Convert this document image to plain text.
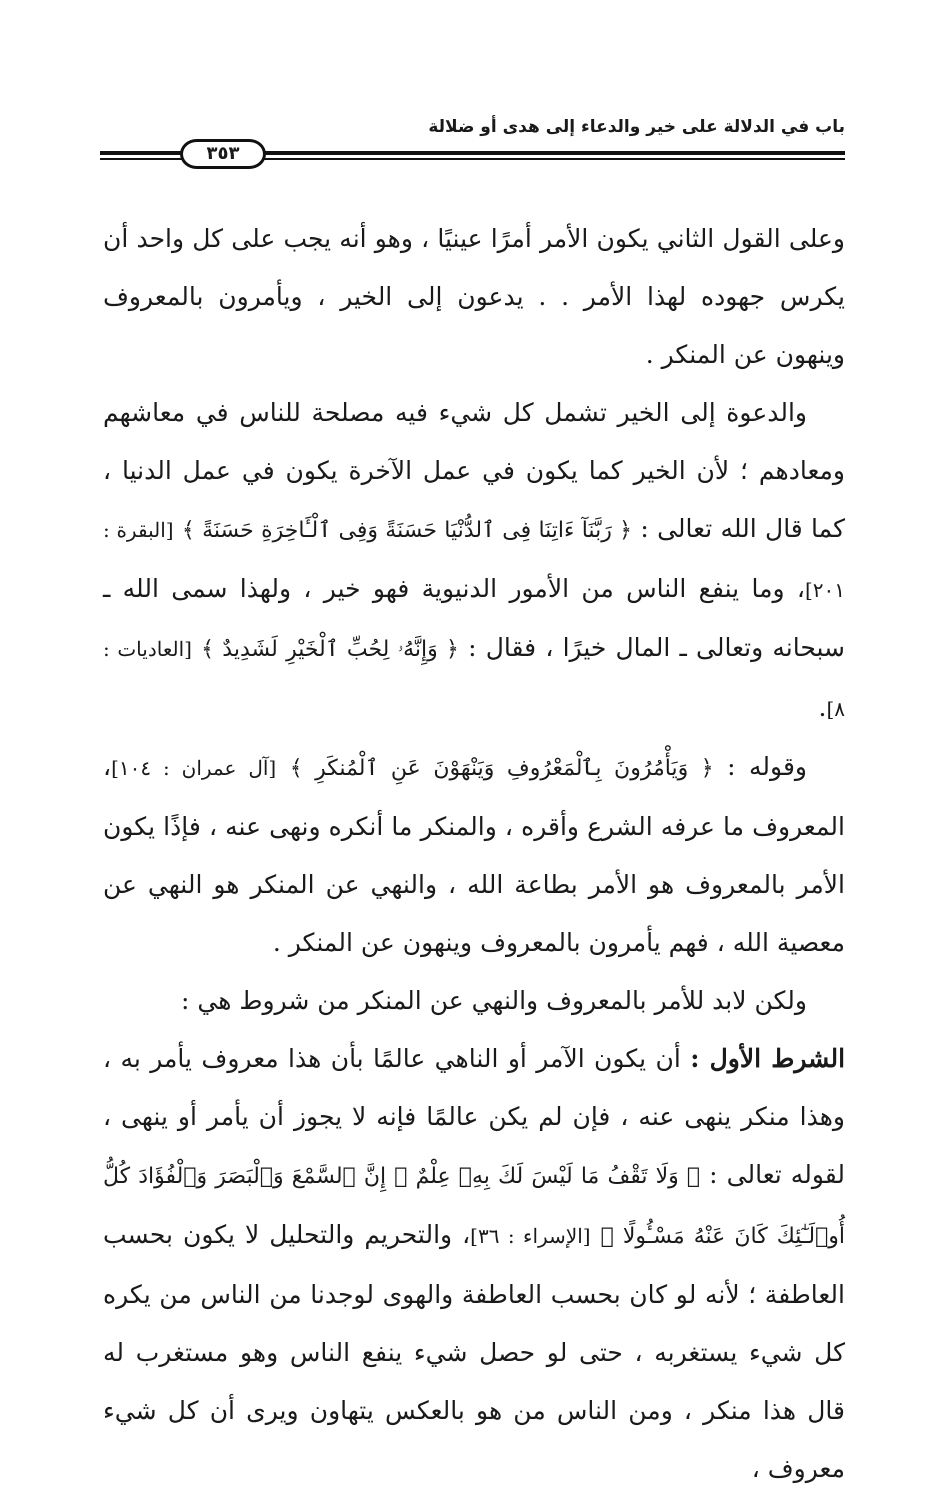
باب في الدلالة على خير والدعاء إلى هدى أو ضلالة
٣٥٣

وعلى القول الثاني يكون الأمر أمرًا عينيًا ، وهو أنه يجب على كل واحد أن يكرس جهوده لهذا الأمر . . يدعون إلى الخير ، ويأمرون بالمعروف وينهون عن المنكر .

والدعوة إلى الخير تشمل كل شيء فيه مصلحة للناس في معاشهم ومعادهم ؛ لأن الخير كما يكون في عمل الآخرة يكون في عمل الدنيا ، كما قال الله تعالى : ﴿ رَبَّنَآ ءَاتِنَا فِى ٱلدُّنْيَا حَسَنَةً وَفِى ٱلْـَٔاخِرَةِ حَسَنَةً ﴾ [البقرة : ٢٠١]، وما ينفع الناس من الأمور الدنيوية فهو خير ، ولهذا سمى الله ـ سبحانه وتعالى ـ المال خيرًا ، فقال : ﴿ وَإِنَّهُۥ لِحُبِّ ٱلْخَيْرِ لَشَدِيدٌ ﴾ [العاديات : ٨].

وقوله : ﴿ وَيَأْمُرُونَ بِٱلْمَعْرُوفِ وَيَنْهَوْنَ عَنِ ٱلْمُنكَرِ ﴾ [آل عمران : ١٠٤]، المعروف ما عرفه الشرع وأقره ، والمنكر ما أنكره ونهى عنه ، فإذًا يكون الأمر بالمعروف هو الأمر بطاعة الله ، والنهي عن المنكر هو النهي عن معصية الله ، فهم يأمرون بالمعروف وينهون عن المنكر .

ولكن لابد للأمر بالمعروف والنهي عن المنكر من شروط هي :

الشرط الأول : أن يكون الآمر أو الناهي عالمًا بأن هذا معروف يأمر به ، وهذا منكر ينهى عنه ، فإن لم يكن عالمًا فإنه لا يجوز أن يأمر أو ينهى ، لقوله تعالى : ﴿ وَلَا تَقْفُ مَا لَيْسَ لَكَ بِهِۦ عِلْمٌ ۚ إِنَّ ٱلسَّمْعَ وَٱلْبَصَرَ وَٱلْفُؤَادَ كُلُّ أُو۟لَـٰٓئِكَ كَانَ عَنْهُ مَسْـُٔولًا ﴾ [الإسراء : ٣٦]، والتحريم والتحليل لا يكون بحسب العاطفة ؛ لأنه لو كان بحسب العاطفة والهوى لوجدنا من الناس من يكره كل شيء يستغربه ، حتى لو حصل شيء ينفع الناس وهو مستغرب له قال هذا منكر ، ومن الناس من هو بالعكس يتهاون ويرى أن كل شيء معروف ،
